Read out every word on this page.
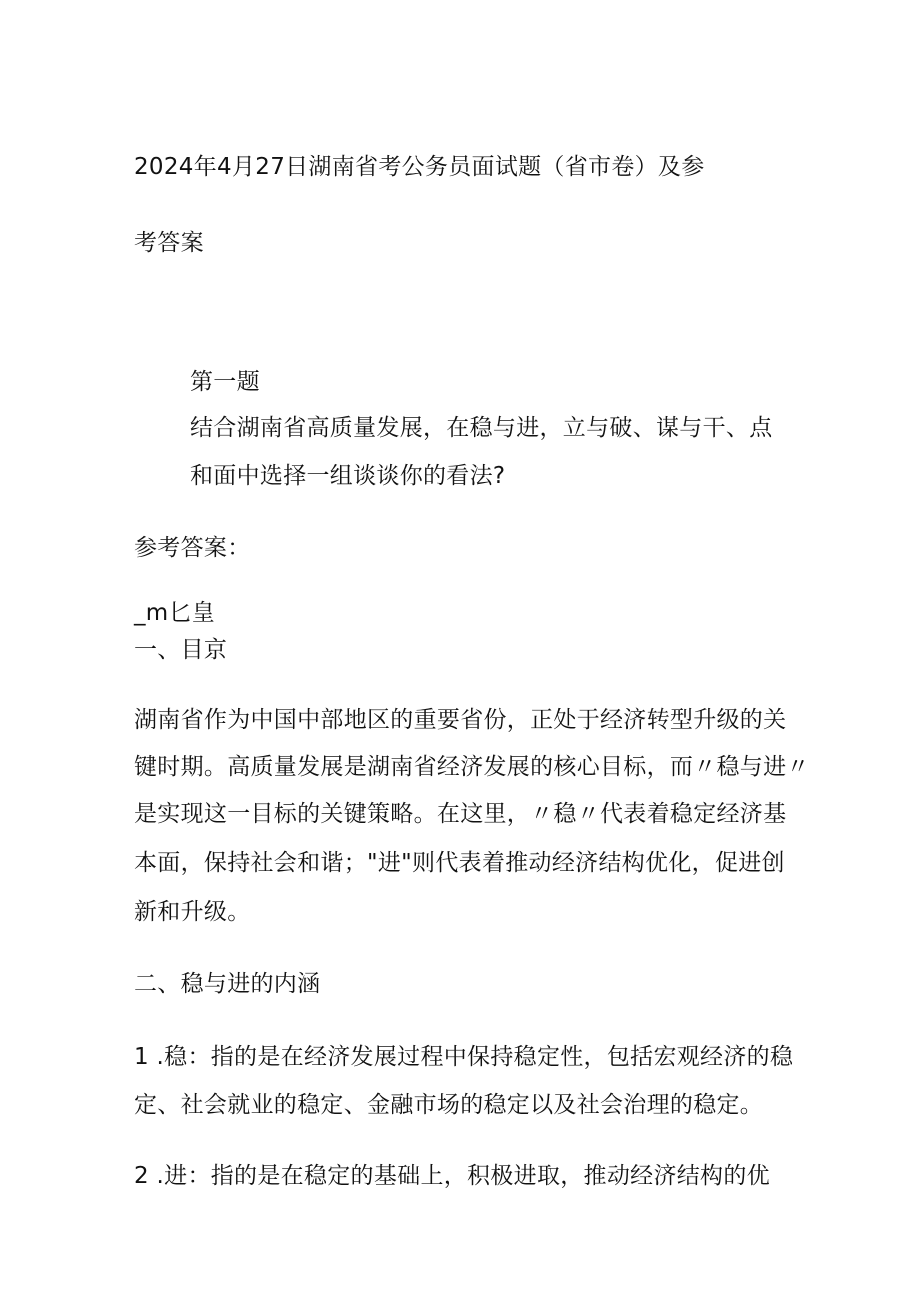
2024年4月27日湖南省考公务员面试题（省市卷）及参
考答案
第一题
结合湖南省高质量发展，在稳与进，立与破、谋与干、点
和面中选择一组谈谈你的看法?
参考答案：
_m匕皇
一、目京
湖南省作为中国中部地区的重要省份，正处于经济转型升级的关
键时期。高质量发展是湖南省经济发展的核心目标，而〃稳与进〃
是实现这一目标的关键策略。在这里，〃稳〃代表着稳定经济基
本面，保持社会和谐；"进"则代表着推动经济结构优化，促进创
新和升级。
二、稳与进的内涵
1 .稳：指的是在经济发展过程中保持稳定性，包括宏观经济的稳
定、社会就业的稳定、金融市场的稳定以及社会治理的稳定。
2 .进：指的是在稳定的基础上，积极进取，推动经济结构的优
